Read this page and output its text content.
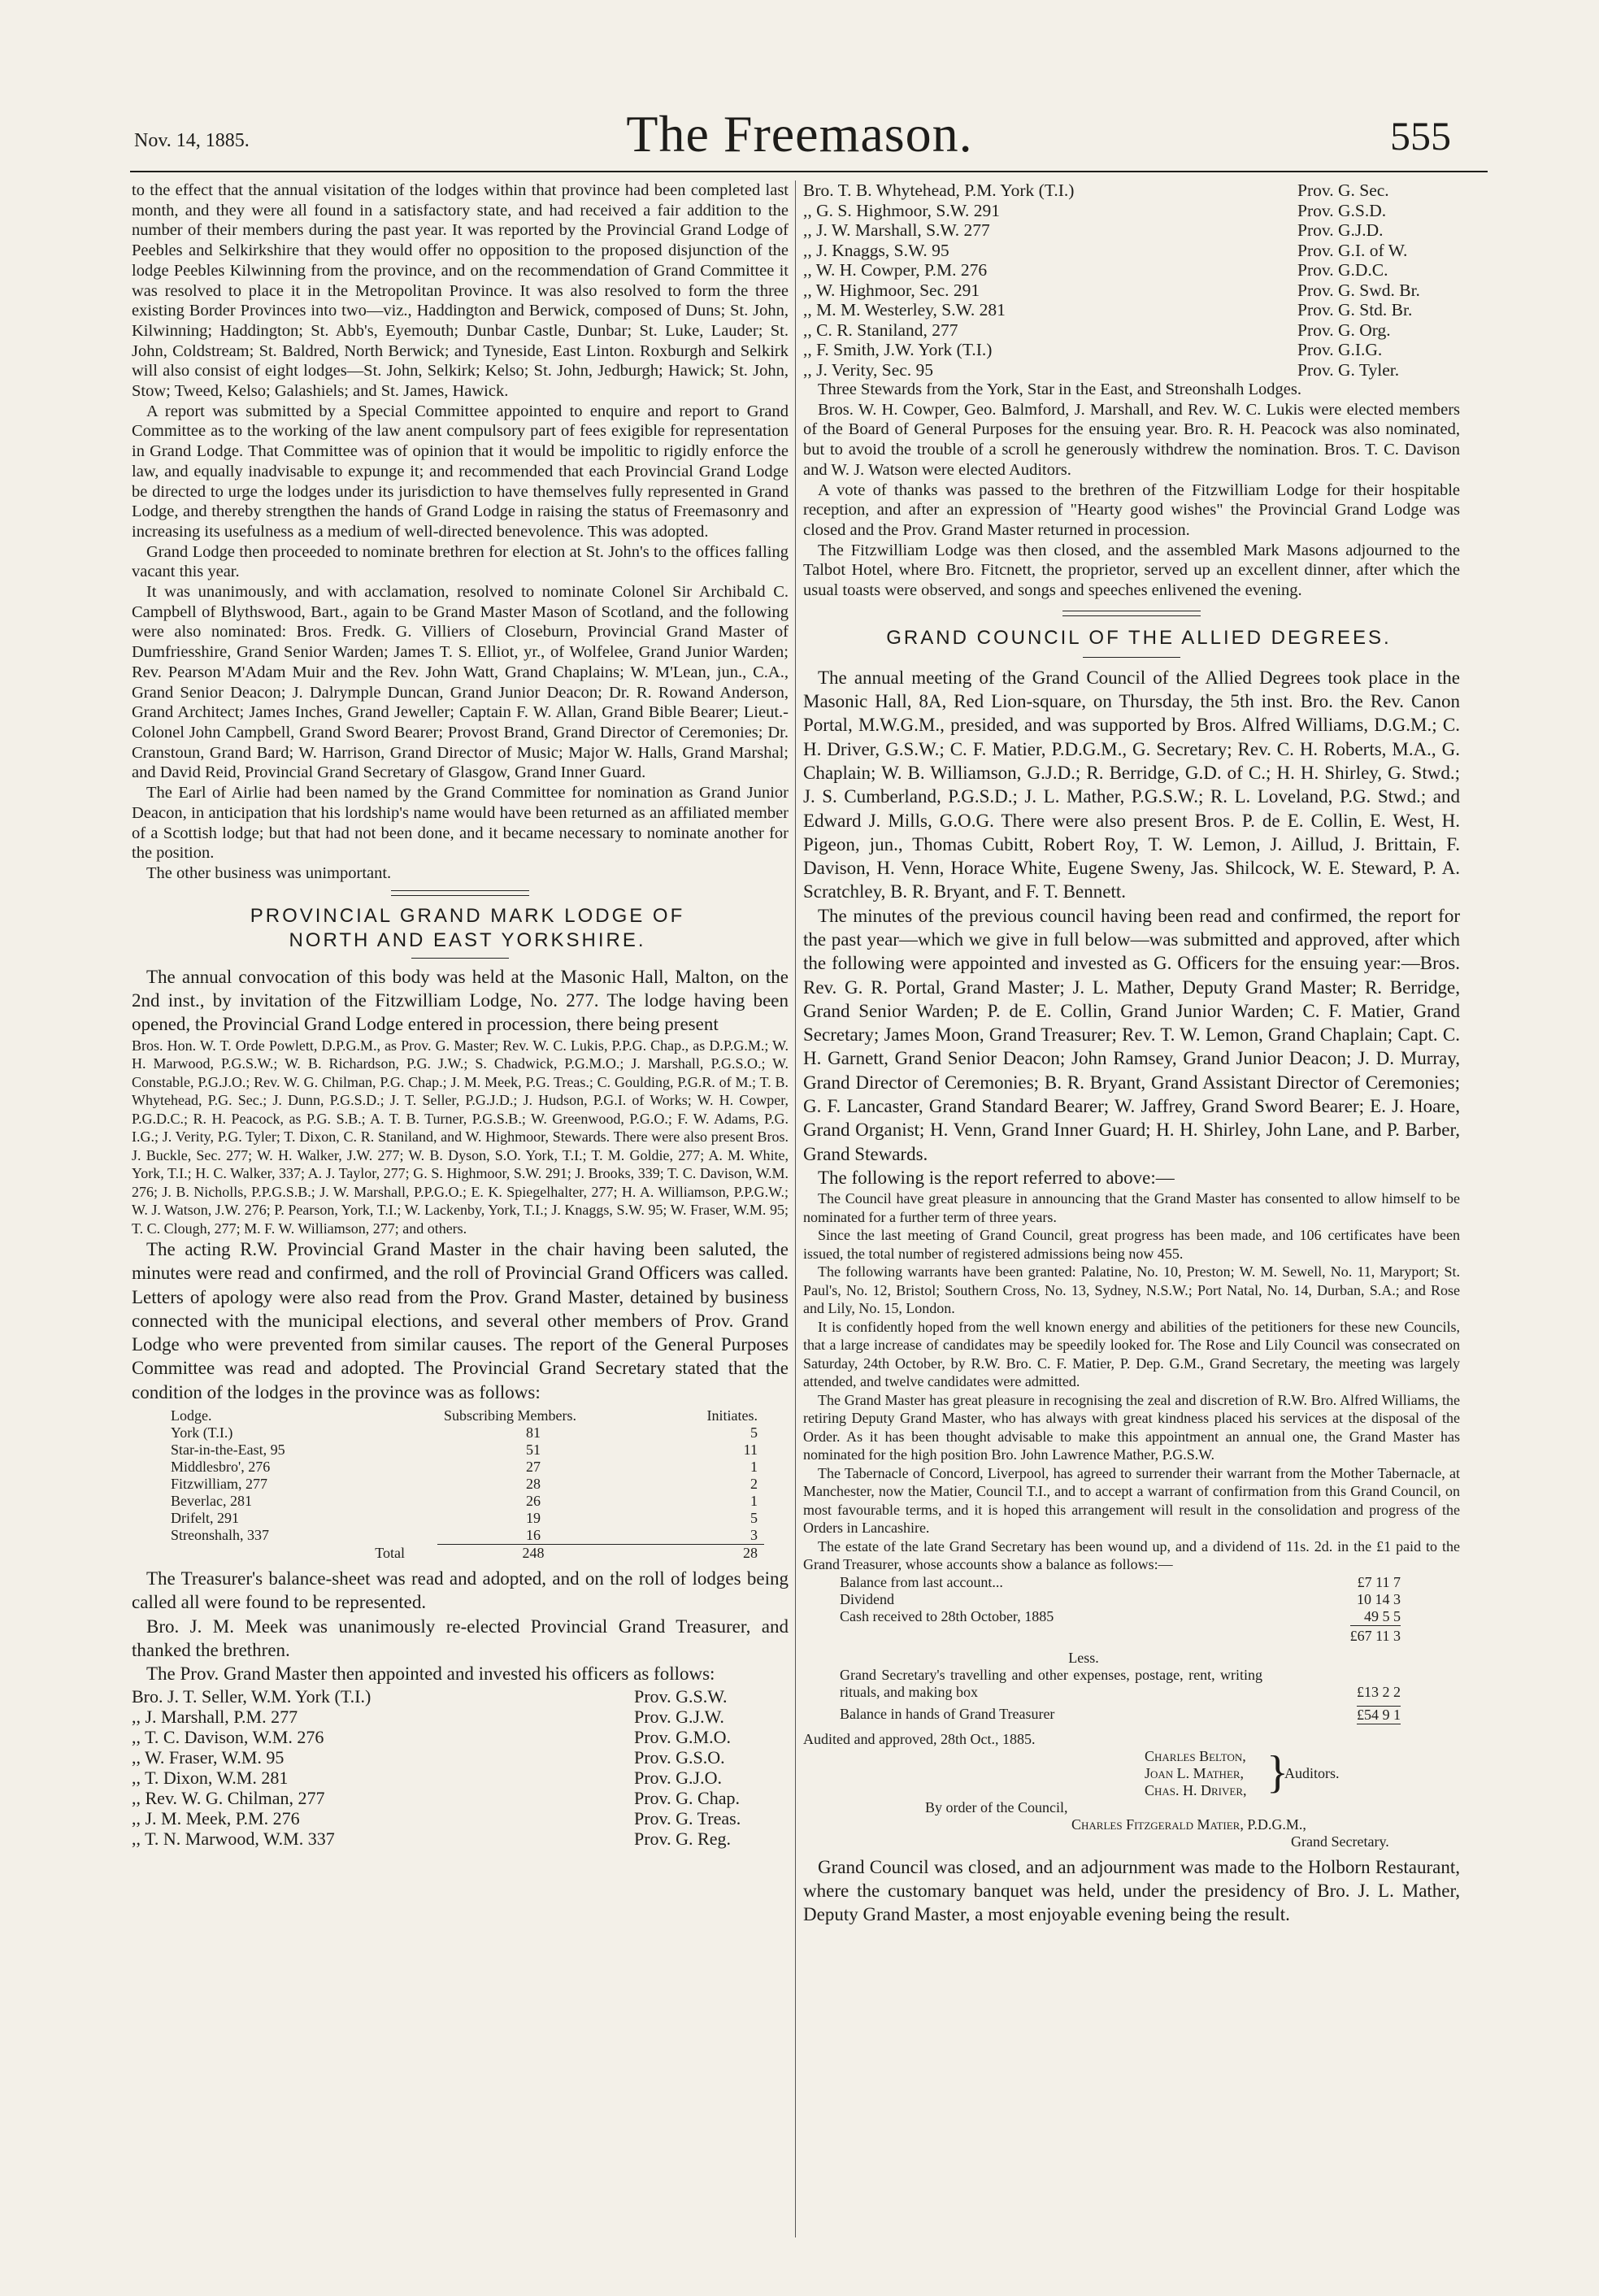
Nov. 14, 1885.	The Freemason.	555

to the effect that the annual visitation of the lodges within that province had been completed last month, and they were all found in a satisfactory state, and had received a fair addition to the number of their members during the past year. It was reported by the Provincial Grand Lodge of Peebles and Selkirkshire that they would offer no opposition to the proposed disjunction of the lodge Peebles Kilwinning from the province, and on the recommendation of Grand Committee it was resolved to place it in the Metropolitan Province. It was also resolved to form the three existing Border Provinces into two—viz., Haddington and Berwick, composed of Duns; St. John, Kilwinning; Haddington; St. Abb's, Eyemouth; Dunbar Castle, Dunbar; St. Luke, Lauder; St. John, Coldstream; St. Baldred, North Berwick; and Tyneside, East Linton. Roxburgh and Selkirk will also consist of eight lodges—St. John, Selkirk; Kelso; St. John, Jedburgh; Hawick; St. John, Stow; Tweed, Kelso; Galashiels; and St. James, Hawick.

A report was submitted by a Special Committee appointed to enquire and report to Grand Committee as to the working of the law anent compulsory part of fees exigible for representation in Grand Lodge. That Committee was of opinion that it would be impolitic to rigidly enforce the law, and equally inadvisable to expunge it; and recommended that each Provincial Grand Lodge be directed to urge the lodges under its jurisdiction to have themselves fully represented in Grand Lodge, and thereby strengthen the hands of Grand Lodge in raising the status of Freemasonry and increasing its usefulness as a medium of well-directed benevolence. This was adopted.

Grand Lodge then proceeded to nominate brethren for election at St. John's to the offices falling vacant this year.

It was unanimously, and with acclamation, resolved to nominate Colonel Sir Archibald C. Campbell of Blythswood, Bart., again to be Grand Master Mason of Scotland, and the following were also nominated: Bros. Fredk. G. Villiers of Closeburn, Provincial Grand Master of Dumfriesshire, Grand Senior Warden; James T. S. Elliot, yr., of Wolfelee, Grand Junior Warden; Rev. Pearson M'Adam Muir and the Rev. John Watt, Grand Chaplains; W. M'Lean, jun., C.A., Grand Senior Deacon; J. Dalrymple Duncan, Grand Junior Deacon; Dr. R. Rowand Anderson, Grand Architect; James Inches, Grand Jeweller; Captain F. W. Allan, Grand Bible Bearer; Lieut.-Colonel John Campbell, Grand Sword Bearer; Provost Brand, Grand Director of Ceremonies; Dr. Cranstoun, Grand Bard; W. Harrison, Grand Director of Music; Major W. Halls, Grand Marshal; and David Reid, Provincial Grand Secretary of Glasgow, Grand Inner Guard.

The Earl of Airlie had been named by the Grand Committee for nomination as Grand Junior Deacon, in anticipation that his lordship's name would have been returned as an affiliated member of a Scottish lodge; but that had not been done, and it became necessary to nominate another for the position.

The other business was unimportant.

PROVINCIAL GRAND MARK LODGE OF

NORTH AND EAST YORKSHIRE.

The annual convocation of this body was held at the Masonic Hall, Malton, on the 2nd inst., by invitation of the Fitzwilliam Lodge, No. 277. The lodge having been opened, the Provincial Grand Lodge entered in procession, there being present

Bros. Hon. W. T. Orde Powlett, D.P.G.M., as Prov. G. Master; Rev. W. C. Lukis, P.P.G. Chap., as D.P.G.M.; W. H. Marwood, P.G.S.W.; W. B. Richardson, P.G. J.W.; S. Chadwick, P.G.M.O.; J. Marshall, P.G.S.O.; W. Constable, P.G.J.O.; Rev. W. G. Chilman, P.G. Chap.; J. M. Meek, P.G. Treas.; C. Goulding, P.G.R. of M.; T. B. Whytehead, P.G. Sec.; J. Dunn, P.G.S.D.; J. T. Seller, P.G.J.D.; J. Hudson, P.G.I. of Works; W. H. Cowper, P.G.D.C.; R. H. Peacock, as P.G. S.B.; A. T. B. Turner, P.G.S.B.; W. Greenwood, P.G.O.; F. W. Adams, P.G. I.G.; J. Verity, P.G. Tyler; T. Dixon, C. R. Staniland, and W. Highmoor, Stewards. There were also present Bros. J. Buckle, Sec. 277; W. H. Walker, J.W. 277; W. B. Dyson, S.O. York, T.I.; T. M. Goldie, 277; A. M. White, York, T.I.; H. C. Walker, 337; A. J. Taylor, 277; G. S. Highmoor, S.W. 291; J. Brooks, 339; T. C. Davison, W.M. 276; J. B. Nicholls, P.P.G.S.B.; J. W. Marshall, P.P.G.O.; E. K. Spiegelhalter, 277; H. A. Williamson, P.P.G.W.; W. J. Watson, J.W. 276; P. Pearson, York, T.I.; W. Lackenby, York, T.I.; J. Knaggs, S.W. 95; W. Fraser, W.M. 95; T. C. Clough, 277; M. F. W. Williamson, 277; and others.

The acting R.W. Provincial Grand Master in the chair having been saluted, the minutes were read and confirmed, and the roll of Provincial Grand Officers was called. Letters of apology were also read from the Prov. Grand Master, detained by business connected with the municipal elections, and several other members of Prov. Grand Lodge who were prevented from similar causes. The report of the General Purposes Committee was read and adopted. The Provincial Grand Secretary stated that the condition of the lodges in the province was as follows:

Lodge.	Subscribing Members.	Initiates.
York (T.I.)	81	5
Star-in-the-East, 95	51	11
Middlesbro', 276	27	1
Fitzwilliam, 277	28	2
Beverlac, 281	26	1
Drifelt, 291	19	5
Streonshalh, 337	16	3
Total	248	28

The Treasurer's balance-sheet was read and adopted, and on the roll of lodges being called all were found to be represented.

Bro. J. M. Meek was unanimously re-elected Provincial Grand Treasurer, and thanked the brethren.

The Prov. Grand Master then appointed and invested his officers as follows:

Bro. J. T. Seller, W.M. York (T.I.)	Prov. G.S.W.
,, J. Marshall, P.M. 277	Prov. G.J.W.
,, T. C. Davison, W.M. 276	Prov. G.M.O.
,, W. Fraser, W.M. 95	Prov. G.S.O.
,, T. Dixon, W.M. 281	Prov. G.J.O.
,, Rev. W. G. Chilman, 277	Prov. G. Chap.
,, J. M. Meek, P.M. 276	Prov. G. Treas.
,, T. N. Marwood, W.M. 337	Prov. G. Reg.
Bro. T. B. Whytehead, P.M. York (T.I.)	Prov. G. Sec.
,, G. S. Highmoor, S.W. 291	Prov. G.S.D.
,, J. W. Marshall, S.W. 277	Prov. G.J.D.
,, J. Knaggs, S.W. 95	Prov. G.I. of W.
,, W. H. Cowper, P.M. 276	Prov. G.D.C.
,, W. Highmoor, Sec. 291	Prov. G. Swd. Br.
,, M. M. Westerley, S.W. 281	Prov. G. Std. Br.
,, C. R. Staniland, 277	Prov. G. Org.
,, F. Smith, J.W. York (T.I.)	Prov. G.I.G.
,, J. Verity, Sec. 95	Prov. G. Tyler.

Three Stewards from the York, Star in the East, and Streonshalh Lodges.

Bros. W. H. Cowper, Geo. Balmford, J. Marshall, and Rev. W. C. Lukis were elected members of the Board of General Purposes for the ensuing year. Bro. R. H. Peacock was also nominated, but to avoid the trouble of a scroll he generously withdrew the nomination. Bros. T. C. Davison and W. J. Watson were elected Auditors.

A vote of thanks was passed to the brethren of the Fitzwilliam Lodge for their hospitable reception, and after an expression of "Hearty good wishes" the Provincial Grand Lodge was closed and the Prov. Grand Master returned in procession.

The Fitzwilliam Lodge was then closed, and the assembled Mark Masons adjourned to the Talbot Hotel, where Bro. Fitcnett, the proprietor, served up an excellent dinner, after which the usual toasts were observed, and songs and speeches enlivened the evening.

GRAND COUNCIL OF THE ALLIED DEGREES.

The annual meeting of the Grand Council of the Allied Degrees took place in the Masonic Hall, 8A, Red Lion-square, on Thursday, the 5th inst. Bro. the Rev. Canon Portal, M.W.G.M., presided, and was supported by Bros. Alfred Williams, D.G.M.; C. H. Driver, G.S.W.; C. F. Matier, P.D.G.M., G. Secretary; Rev. C. H. Roberts, M.A., G. Chaplain; W. B. Williamson, G.J.D.; R. Berridge, G.D. of C.; H. H. Shirley, G. Stwd.; J. S. Cumberland, P.G.S.D.; J. L. Mather, P.G.S.W.; R. L. Loveland, P.G. Stwd.; and Edward J. Mills, G.O.G. There were also present Bros. P. de E. Collin, E. West, H. Pigeon, jun., Thomas Cubitt, Robert Roy, T. W. Lemon, J. Aillud, J. Brittain, F. Davison, H. Venn, Horace White, Eugene Sweny, Jas. Shilcock, W. E. Steward, P. A. Scratchley, B. R. Bryant, and F. T. Bennett.

The minutes of the previous council having been read and confirmed, the report for the past year—which we give in full below—was submitted and approved, after which the following were appointed and invested as G. Officers for the ensuing year:—Bros. Rev. G. R. Portal, Grand Master; J. L. Mather, Deputy Grand Master; R. Berridge, Grand Senior Warden; P. de E. Collin, Grand Junior Warden; C. F. Matier, Grand Secretary; James Moon, Grand Treasurer; Rev. T. W. Lemon, Grand Chaplain; Capt. C. H. Garnett, Grand Senior Deacon; John Ramsey, Grand Junior Deacon; J. D. Murray, Grand Director of Ceremonies; B. R. Bryant, Grand Assistant Director of Ceremonies; G. F. Lancaster, Grand Standard Bearer; W. Jaffrey, Grand Sword Bearer; E. J. Hoare, Grand Organist; H. Venn, Grand Inner Guard; H. H. Shirley, John Lane, and P. Barber, Grand Stewards.

The following is the report referred to above:—

The Council have great pleasure in announcing that the Grand Master has consented to allow himself to be nominated for a further term of three years.

Since the last meeting of Grand Council, great progress has been made, and 106 certificates have been issued, the total number of registered admissions being now 455.

The following warrants have been granted: Palatine, No. 10, Preston; W. M. Sewell, No. 11, Maryport; St. Paul's, No. 12, Bristol; Southern Cross, No. 13, Sydney, N.S.W.; Port Natal, No. 14, Durban, S.A.; and Rose and Lily, No. 15, London.

It is confidently hoped from the well known energy and abilities of the petitioners for these new Councils, that a large increase of candidates may be speedily looked for. The Rose and Lily Council was consecrated on Saturday, 24th October, by R.W. Bro. C. F. Matier, P. Dep. G.M., Grand Secretary, the meeting was largely attended, and twelve candidates were admitted.

The Grand Master has great pleasure in recognising the zeal and discretion of R.W. Bro. Alfred Williams, the retiring Deputy Grand Master, who has always with great kindness placed his services at the disposal of the Order. As it has been thought advisable to make this appointment an annual one, the Grand Master has nominated for the high position Bro. John Lawrence Mather, P.G.S.W.

The Tabernacle of Concord, Liverpool, has agreed to surrender their warrant from the Mother Tabernacle, at Manchester, now the Matier, Council T.I., and to accept a warrant of confirmation from this Grand Council, on most favourable terms, and it is hoped this arrangement will result in the consolidation and progress of the Orders in Lancashire.

The estate of the late Grand Secretary has been wound up, and a dividend of 11s. 2d. in the £1 paid to the Grand Treasurer, whose accounts show a balance as follows:—

Balance from last account...	£7 11 7
Dividend	10 14 3
Cash received to 28th October, 1885	49 5 5
£67 11 3
Less.
Grand Secretary's travelling and other expenses, postage, rent, writing rituals, and making box	£13 2 2
Balance in hands of Grand Treasurer	£54 9 1
Audited and approved, 28th Oct., 1885.
Charles Belton,
Joan L. Mather,
Chas. H. Driver, }
Auditors.
By order of the Council,
Charles Fitzgerald Matier, P.D.G.M.,
Grand Secretary.

Grand Council was closed, and an adjournment was made to the Holborn Restaurant, where the customary banquet was held, under the presidency of Bro. J. L. Mather, Deputy Grand Master, a most enjoyable evening being the result.
